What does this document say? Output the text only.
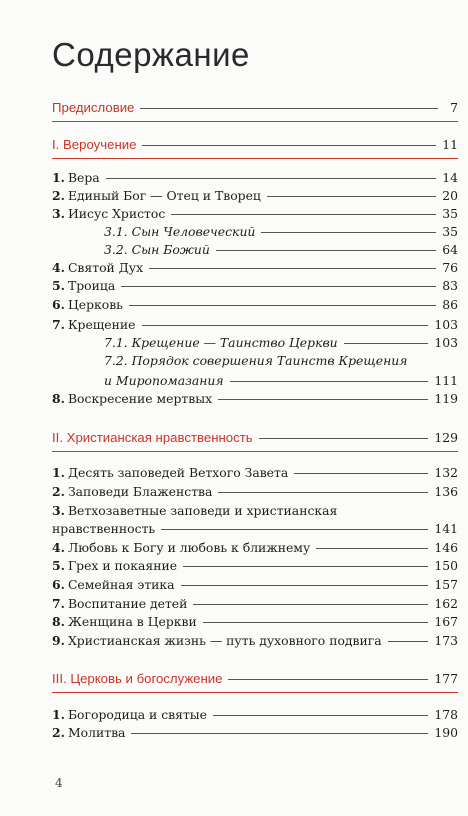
Содержание
Предисловие	7
I. Вероучение	11
1. Вера	14
2. Единый Бог — Отец и Творец	20
3. Иисус Христос	35
3.1. Сын Человеческий	35
3.2. Сын Божий	64
4. Святой Дух	76
5. Троица	83
6. Церковь	86
7. Крещение	103
7.1. Крещение — Таинство Церкви	103
7.2. Порядок совершения Таинств Крещения
и Миропомазания	111
8. Воскресение мертвых	119
II. Христианская нравственность	129
1. Десять заповедей Ветхого Завета	132
2. Заповеди Блаженства	136
3. Ветхозаветные заповеди и христианская
нравственность	141
4. Любовь к Богу и любовь к ближнему	146
5. Грех и покаяние	150
6. Семейная этика	157
7. Воспитание детей	162
8. Женщина в Церкви	167
9. Христианская жизнь — путь духовного подвига	173
III. Церковь и богослужение	177
1. Богородица и святые	178
2. Молитва	190
4
